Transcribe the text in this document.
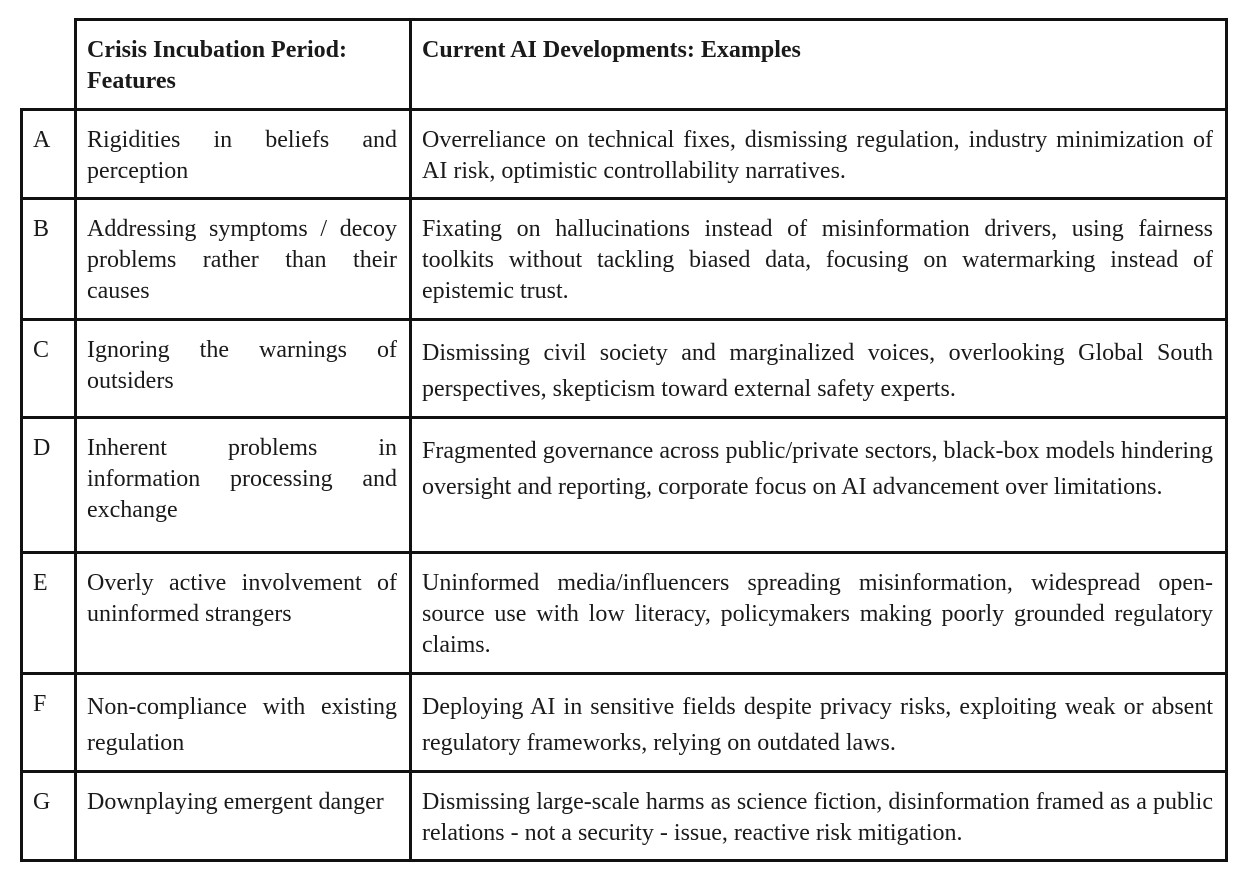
	Crisis Incubation Period: Features	Current AI Developments: Examples
A	Rigidities in beliefs and perception	Overreliance on technical fixes, dismissing regulation, industry minimization of AI risk, optimistic controllability narratives.
B	Addressing symptoms / decoy problems rather than their causes	Fixating on hallucinations instead of misinformation drivers, using fairness toolkits without tackling biased data, focusing on watermarking instead of epistemic trust.
C	Ignoring the warnings of outsiders	Dismissing civil society and marginalized voices, overlooking Global South perspectives, skepticism toward external safety experts.
D	Inherent problems in information processing and exchange	Fragmented governance across public/private sectors, black-box models hindering oversight and reporting, corporate focus on AI advancement over limitations.
E	Overly active involvement of uninformed strangers	Uninformed media/influencers spreading misinformation, widespread open-source use with low literacy, policymakers making poorly grounded regulatory claims.
F	Non-compliance with existing regulation	Deploying AI in sensitive fields despite privacy risks, exploiting weak or absent regulatory frameworks, relying on outdated laws.
G	Downplaying emergent danger	Dismissing large-scale harms as science fiction, disinformation framed as a public relations - not a security - issue, reactive risk mitigation.
